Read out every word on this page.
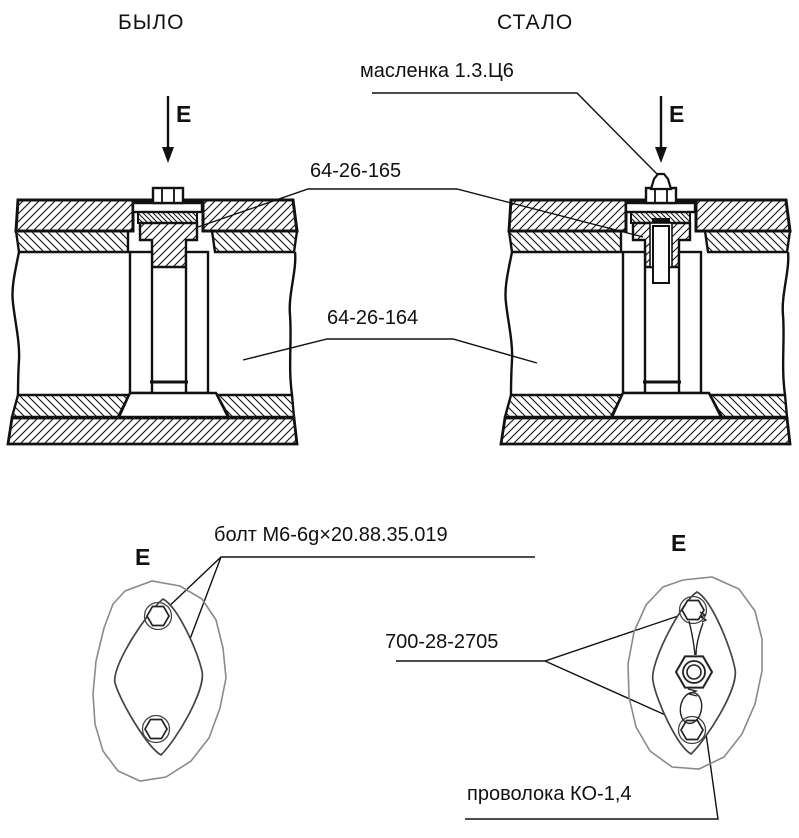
БЫЛО	СТАЛО
E	E
масленка 1.3.Ц6
64-26-165
64-26-164
болт М6-6g×20.88.35.019
700-28-2705
проволока КО-1,4
E
E
